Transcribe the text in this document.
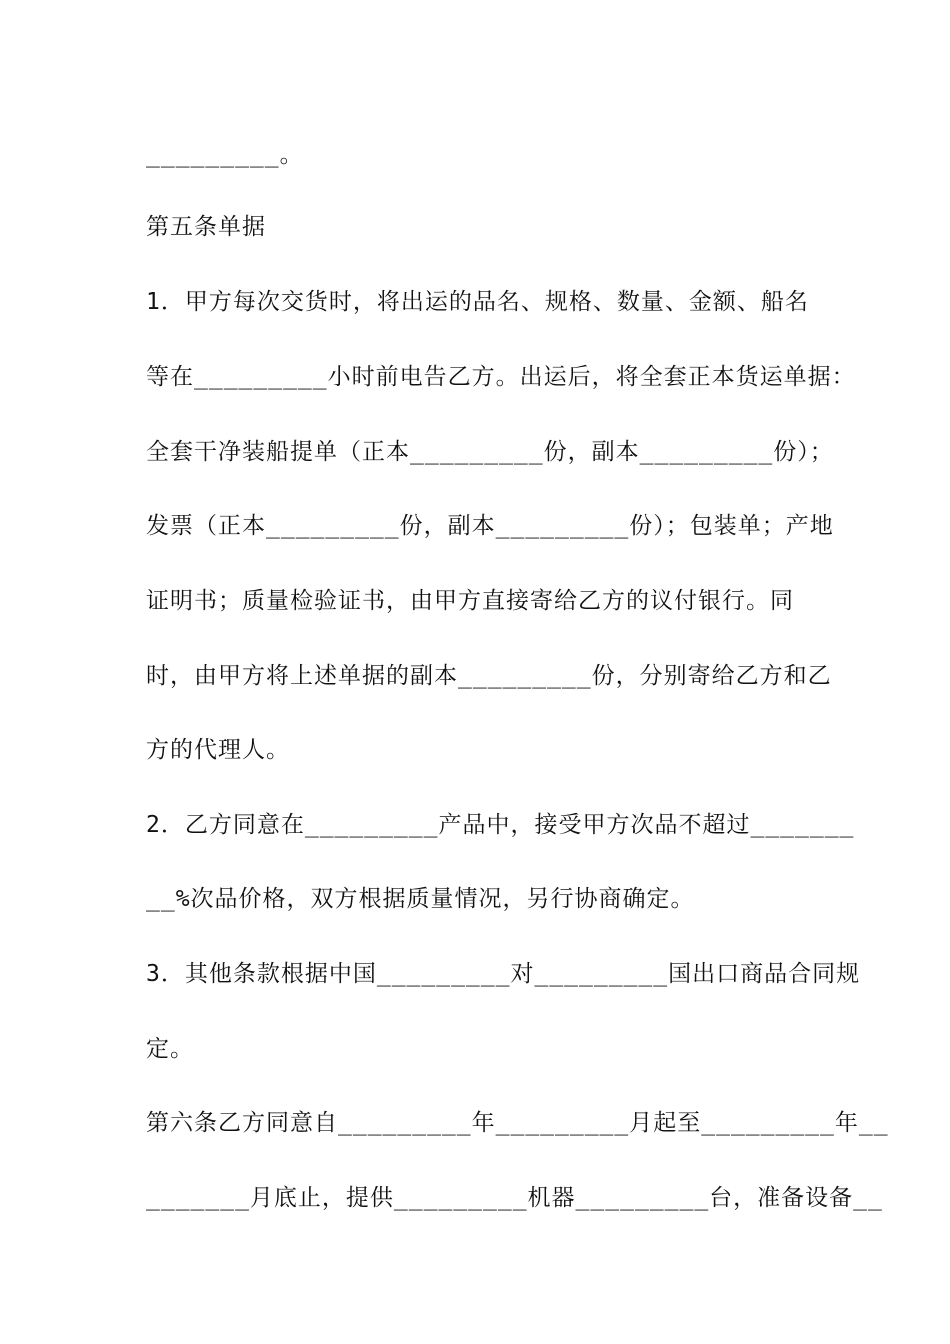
_________。
第五条单据
1．甲方每次交货时，将出运的品名、规格、数量、金额、船名
等在_________小时前电告乙方。出运后，将全套正本货运单据：
全套干净装船提单（正本_________份，副本_________份）；
发票（正本_________份，副本_________份）；包装单；产地
证明书；质量检验证书，由甲方直接寄给乙方的议付银行。同
时，由甲方将上述单据的副本_________份，分别寄给乙方和乙
方的代理人。
2．乙方同意在_________产品中，接受甲方次品不超过_______
__%次品价格，双方根据质量情况，另行协商确定。
3．其他条款根据中国_________对_________国出口商品合同规
定。
第六条乙方同意自_________年_________月起至_________年__
_______月底止，提供_________机器_________台，准备设备__
